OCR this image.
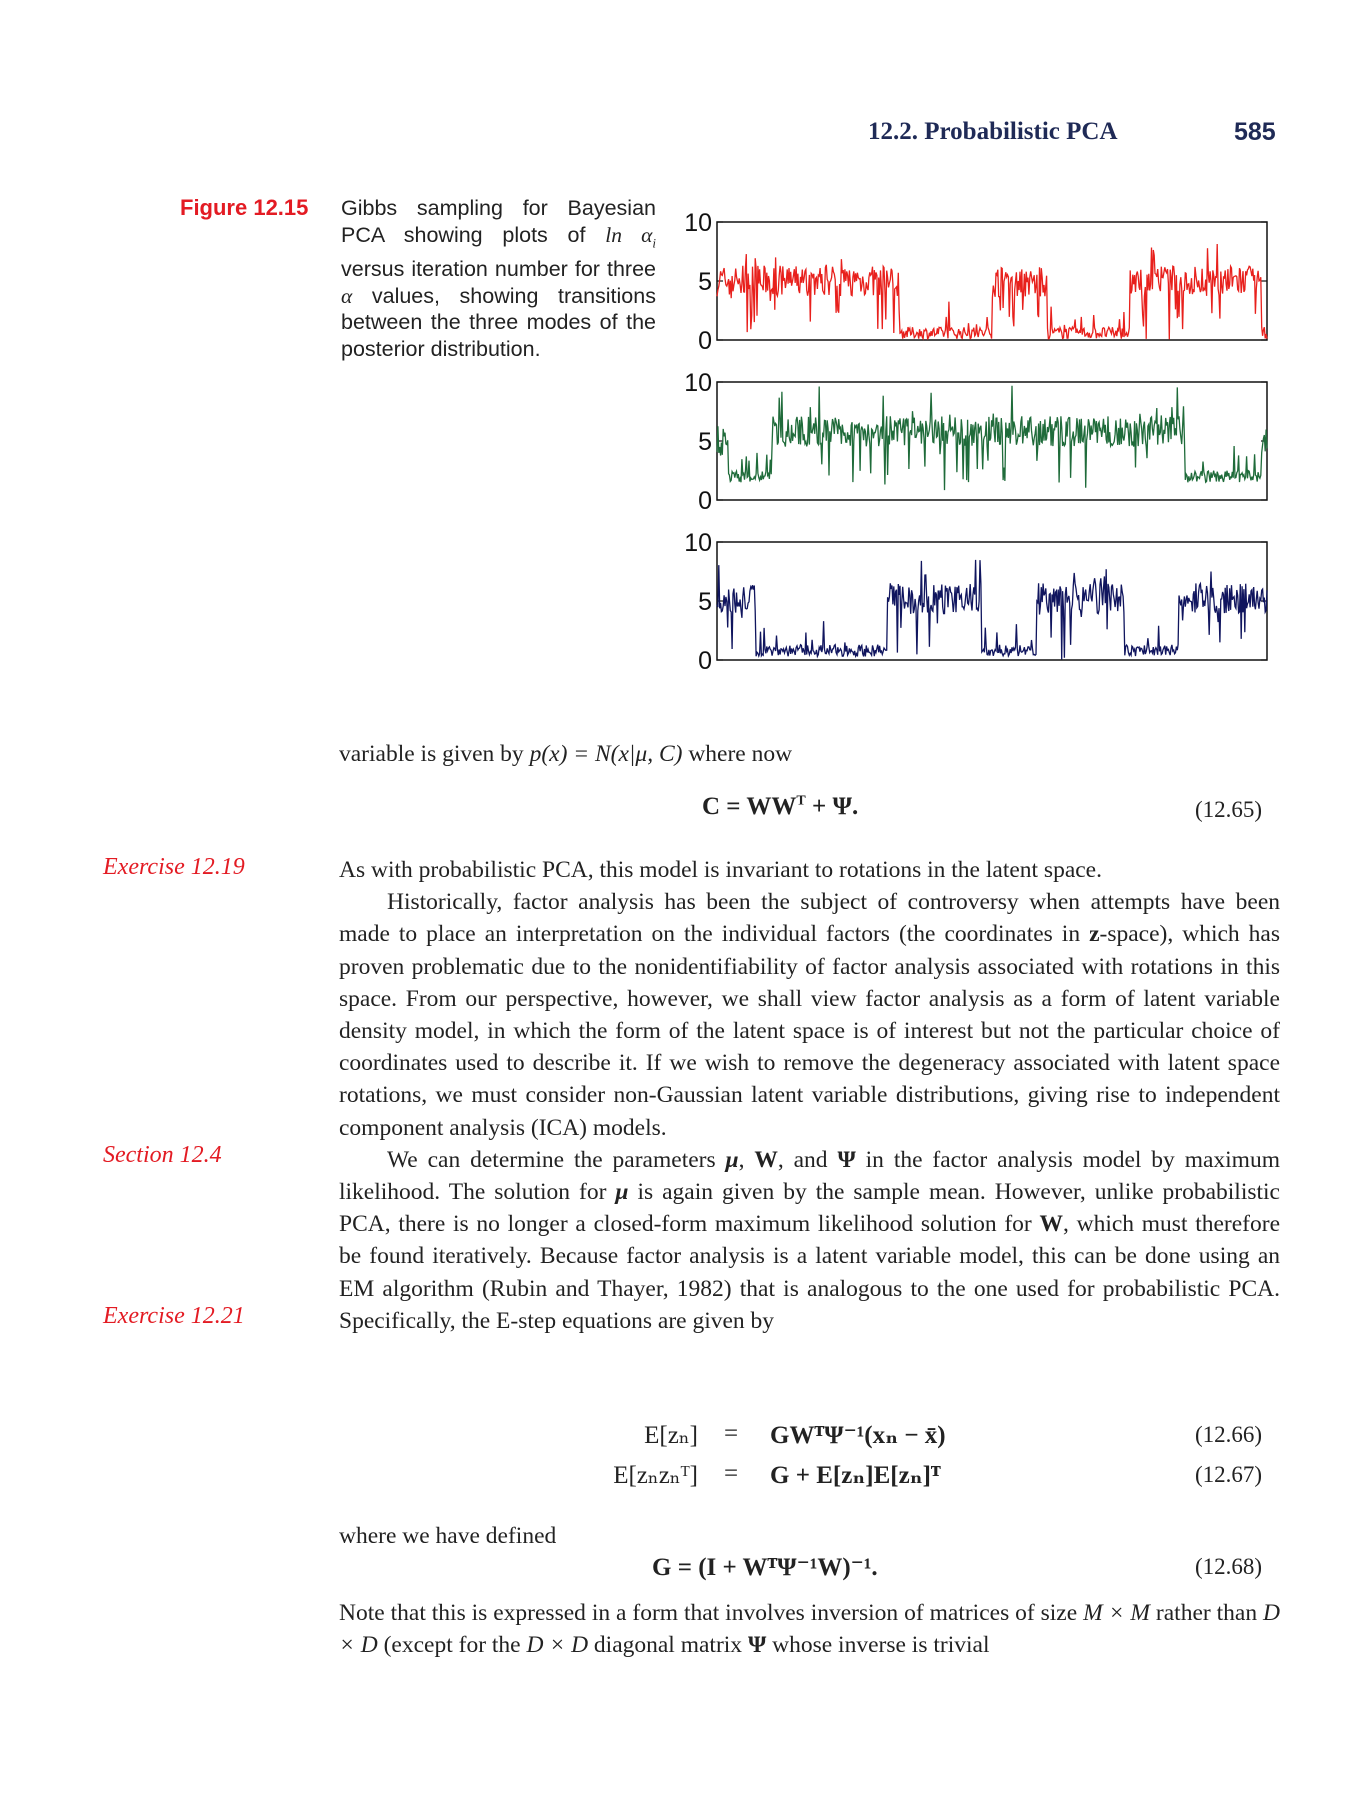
12.2. Probabilistic PCA	585
Figure 12.15 Gibbs sampling for Bayesian PCA showing plots of $\ln \alpha_i$ versus iteration number for three α values, showing transitions between the three modes of the posterior distribution.
10
5
0
10
5
0
10
5
0
variable is given by p(x) = N(x|μ, C) where now
$C = WW^T + \Psi$.	(12.65)
Exercise 12.19
Section 12.4
Exercise 12.21

As with probabilistic PCA, this model is invariant to rotations in the latent space.

Historically, factor analysis has been the subject of controversy when attempts have been made to place an interpretation on the individual factors (the coordinates in z-space), which has proven problematic due to the nonidentifiability of factor analysis associated with rotations in this space. From our perspective, however, we shall view factor analysis as a form of latent variable density model, in which the form of the latent space is of interest but not the particular choice of coordinates used to describe it. If we wish to remove the degeneracy associated with latent space rotations, we must consider non-Gaussian latent variable distributions, giving rise to independent component analysis (ICA) models.

We can determine the parameters μ, W, and Ψ in the factor analysis model by maximum likelihood. The solution for μ is again given by the sample mean. However, unlike probabilistic PCA, there is no longer a closed-form maximum likelihood solution for W, which must therefore be found iteratively. Because factor analysis is a latent variable model, this can be done using an EM algorithm (Rubin and Thayer, 1982) that is analogous to the one used for probabilistic PCA. Specifically, the E-step equations are given by

E[zₙ] = GWᵀΨ⁻¹(xₙ − x̄)	(12.66)
E[zₙzₙᵀ] = G + E[zₙ]E[zₙ]ᵀ	(12.67)
where we have defined
G = (I + WᵀΨ⁻¹W)⁻¹.	(12.68)
Note that this is expressed in a form that involves inversion of matrices of size M × M rather than D × D (except for the D × D diagonal matrix Ψ whose inverse is trivial
